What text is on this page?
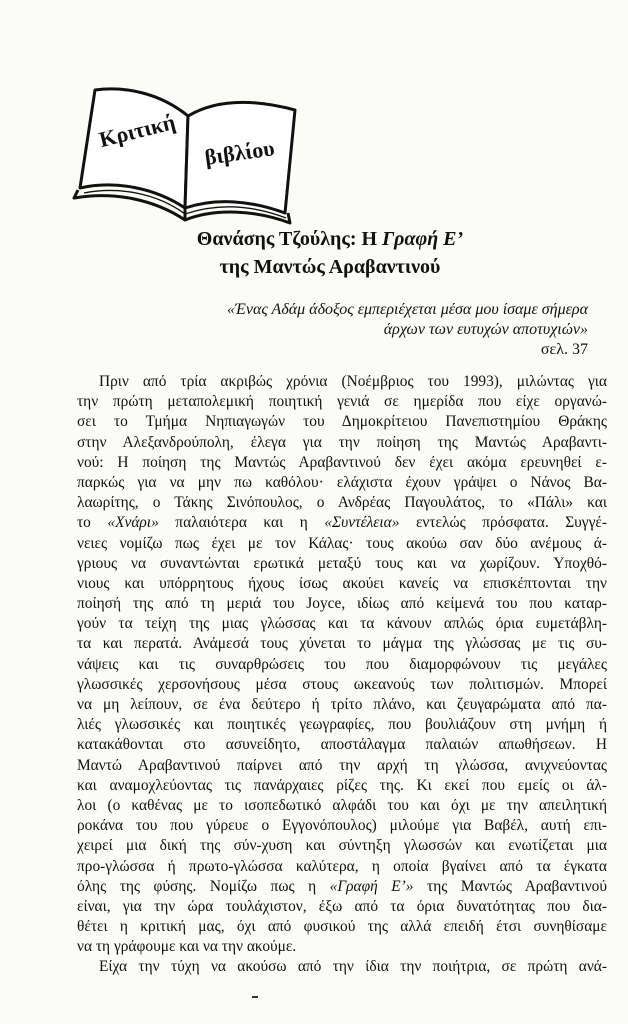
Κριτική
βιβλίου
Θανάσης Τζούλης: Η Γραφή Ε’
της Μαντώς Αραβαντινού
«Ένας Αδάμ άδοξος εμπεριέχεται μέσα μου ίσαμε σήμερα
άρχων των ευτυχών αποτυχιών»
σελ. 37
Πριν από τρία ακριβώς χρόνια (Νοέμβριος του 1993), μιλώντας για
την πρώτη μεταπολεμική ποιητική γενιά σε ημερίδα που είχε οργανώ-
σει το Τμήμα Νηπιαγωγών του Δημοκρίτειου Πανεπιστημίου Θράκης
στην Αλεξανδρούπολη, έλεγα για την ποίηση της Μαντώς Αραβαντι-
νού: Η ποίηση της Μαντώς Αραβαντινού δεν έχει ακόμα ερευνηθεί ε-
παρκώς για να μην πω καθόλου· ελάχιστα έχουν γράψει ο Νάνος Βα-
λαωρίτης, ο Τάκης Σινόπουλος, ο Ανδρέας Παγουλάτος, το «Πάλι» και
το «Χνάρι» παλαιότερα και η «Συντέλεια» εντελώς πρόσφατα. Συγγέ-
νειες νομίζω πως έχει με τον Κάλας· τους ακούω σαν δύο ανέμους ά-
γριους να συναντώνται ερωτικά μεταξύ τους και να χωρίζουν. Υποχθό-
νιους και υπόρρητους ήχους ίσως ακούει κανείς να επισκέπτονται την
ποίησή της από τη μεριά του Joyce, ιδίως από κείμενά του που καταρ-
γούν τα τείχη της μιας γλώσσας και τα κάνουν απλώς όρια ευμετάβλη-
τα και περατά. Ανάμεσά τους χύνεται το μάγμα της γλώσσας με τις συ-
νάψεις και τις συναρθρώσεις του που διαμορφώνουν τις μεγάλες
γλωσσικές χερσονήσους μέσα στους ωκεανούς των πολιτισμών. Μπορεί
να μη λείπουν, σε ένα δεύτερο ή τρίτο πλάνο, και ζευγαρώματα από πα-
λιές γλωσσικές και ποιητικές γεωγραφίες, που βουλιάζουν στη μνήμη ή
κατακάθονται στο ασυνείδητο, αποστάλαγμα παλαιών απωθήσεων. Η
Μαντώ Αραβαντινού παίρνει από την αρχή τη γλώσσα, ανιχνεύοντας
και αναμοχλεύοντας τις πανάρχαιες ρίζες της. Κι εκεί που εμείς οι άλ-
λοι (ο καθένας με το ισοπεδωτικό αλφάδι του και όχι με την απειλητική
ροκάνα του που γύρευε ο Εγγονόπουλος) μιλούμε για Βαβέλ, αυτή επι-
χειρεί μια δική της σύν-χυση και σύντηξη γλωσσών και ενωτίζεται μια
προ-γλώσσα ή πρωτο-γλώσσα καλύτερα, η οποία βγαίνει από τα έγκατα
όλης της φύσης. Νομίζω πως η «Γραφή Ε’» της Μαντώς Αραβαντινού
είναι, για την ώρα τουλάχιστον, έξω από τα όρια δυνατότητας που δια-
θέτει η κριτική μας, όχι από φυσικού της αλλά επειδή έτσι συνηθίσαμε
να τη γράφουμε και να την ακούμε.
Είχα την τύχη να ακούσω από την ίδια την ποιήτρια, σε πρώτη ανά-
